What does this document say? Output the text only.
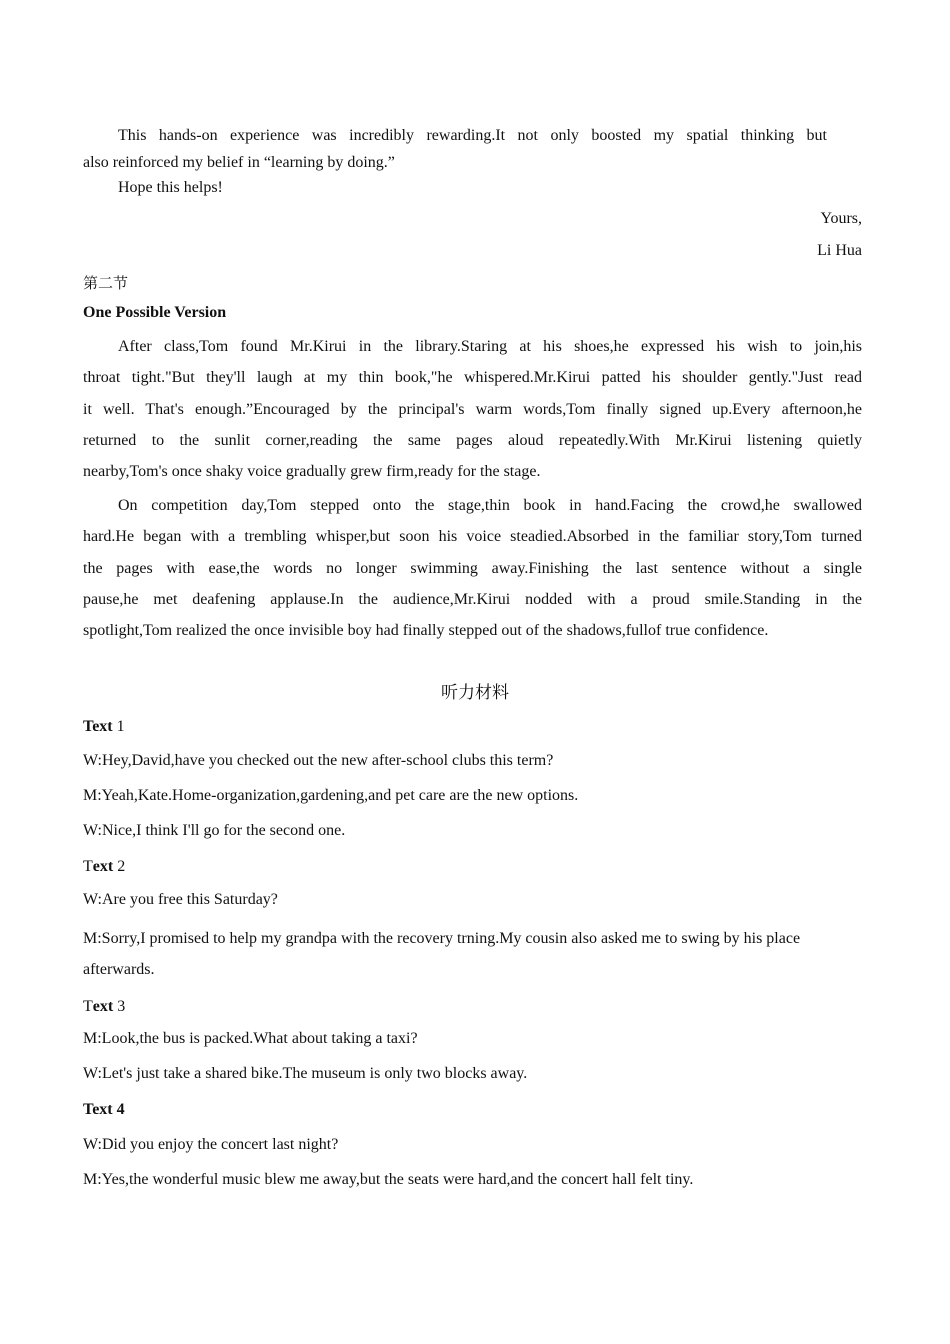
This hands-on experience was incredibly rewarding.It not only boosted my spatial thinking but
also reinforced my belief in “learning by doing.”
Hope this helps!
Yours,
Li Hua
第二节
One Possible Version
After class,Tom found Mr.Kirui in the library.Staring at his shoes,he expressed his wish to join,his
throat tight."But they'll laugh at my thin book,"he whispered.Mr.Kirui patted his shoulder gently."Just read
it well. That's enough.”Encouraged by the principal's warm words,Tom finally signed up.Every afternoon,he
returned to the sunlit corner,reading the same pages aloud repeatedly.With Mr.Kirui listening quietly
nearby,Tom's once shaky voice gradually grew firm,ready for the stage.
On competition day,Tom stepped onto the stage,thin book in hand.Facing the crowd,he swallowed
hard.He began with a trembling whisper,but soon his voice steadied.Absorbed in the familiar story,Tom turned
the pages with ease,the words no longer swimming away.Finishing the last sentence without a single
pause,he met deafening applause.In the audience,Mr.Kirui nodded with a proud smile.Standing in the
spotlight,Tom realized the once invisible boy had finally stepped out of the shadows,fullof true confidence.
听力材料
Text 1
W:Hey,David,have you checked out the new after-school clubs this term?
M:Yeah,Kate.Home-organization,gardening,and pet care are the new options.
W:Nice,I think I'll go for the second one.
Text 2
W:Are you free this Saturday?
M:Sorry,I promised to help my grandpa with the recovery trning.My cousin also asked me to swing by his place
afterwards.
Text 3
M:Look,the bus is packed.What about taking a taxi?
W:Let's just take a shared bike.The museum is only two blocks away.
Text 4
W:Did you enjoy the concert last night?
M:Yes,the wonderful music blew me away,but the seats were hard,and the concert hall felt tiny.
